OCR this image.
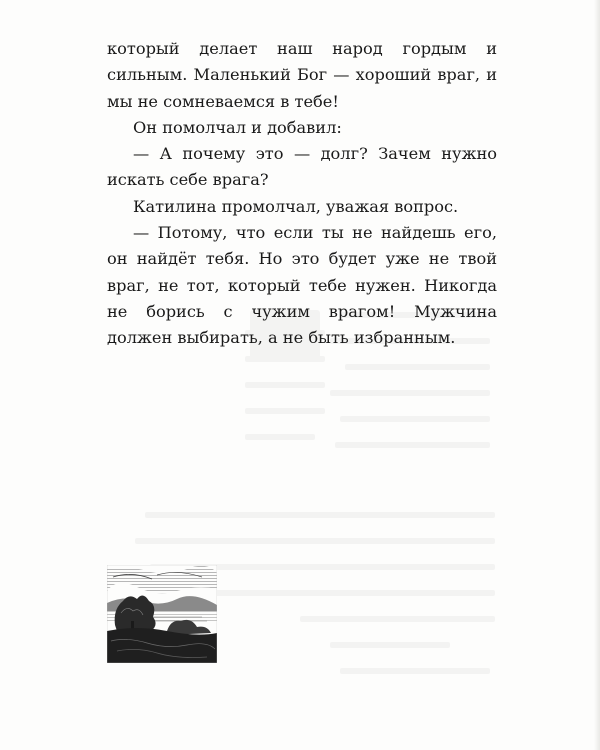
который делает наш народ гордым и сильным. Маленький Бог — хороший враг, и мы не сомневаемся в тебе!

Он помолчал и добавил:

— А почему это — долг? Зачем нужно искать себе врага?

Катилина промолчал, уважая вопрос.

— Потому, что если ты не найдешь его, он найдёт тебя. Но это будет уже не твой враг, не тот, который тебе нужен. Никогда не борись с чужим врагом! Мужчина должен выбирать, а не быть избранным.
